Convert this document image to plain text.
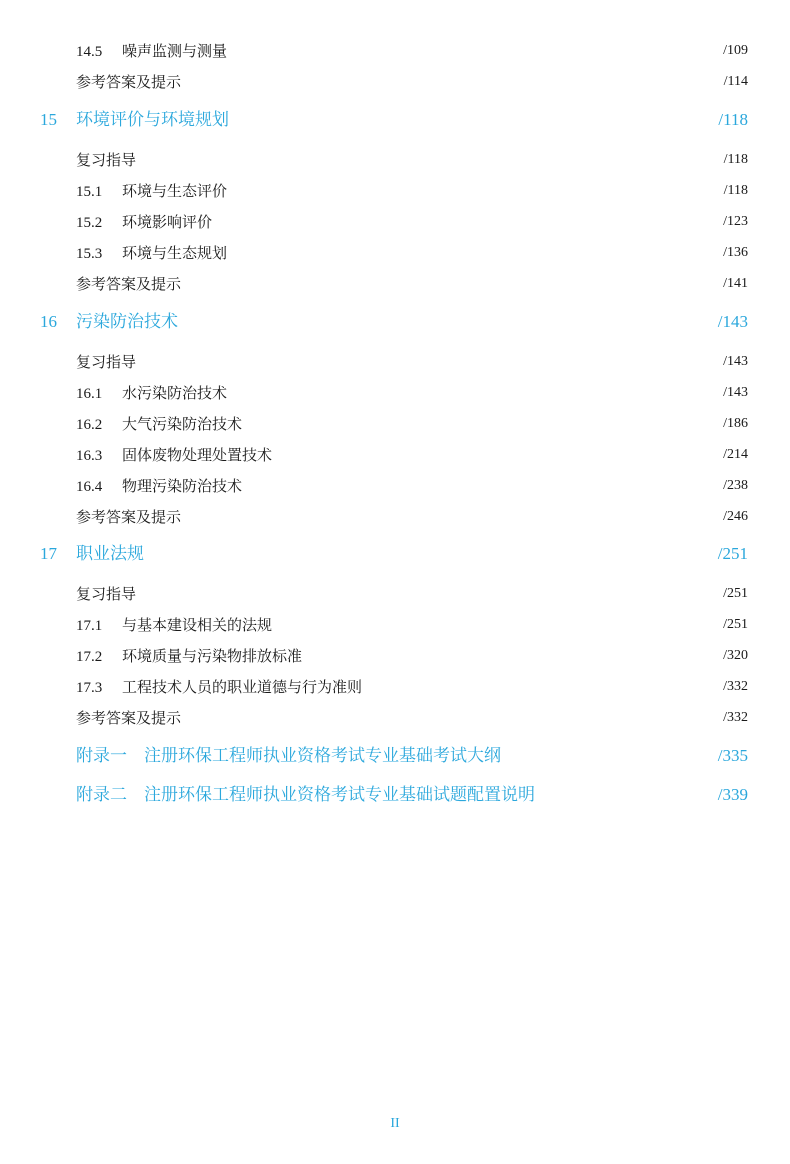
14.5 噪声监测与测量	/109
参考答案及提示	/114
15 环境评价与环境规划	/118
复习指导	/118
15.1 环境与生态评价	/118
15.2 环境影响评价	/123
15.3 环境与生态规划	/136
参考答案及提示	/141
16 污染防治技术	/143
复习指导	/143
16.1 水污染防治技术	/143
16.2 大气污染防治技术	/186
16.3 固体废物处理处置技术	/214
16.4 物理污染防治技术	/238
参考答案及提示	/246
17 职业法规	/251
复习指导	/251
17.1 与基本建设相关的法规	/251
17.2 环境质量与污染物排放标准	/320
17.3 工程技术人员的职业道德与行为准则	/332
参考答案及提示	/332
附录一　注册环保工程师执业资格考试专业基础考试大纲	/335
附录二　注册环保工程师执业资格考试专业基础试题配置说明	/339
II
